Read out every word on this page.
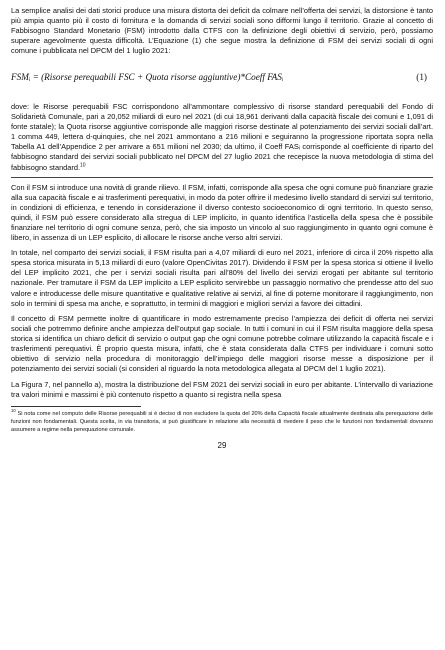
La semplice analisi dei dati storici produce una misura distorta dei deficit da colmare nell’offerta dei servizi, la distorsione è tanto più ampia quanto più il costo di fornitura e la domanda di servizi sociali sono difformi lungo il territorio. Grazie al concetto di Fabbisogno Standard Monetario (FSM) introdotto dalla CTFS con la definizione degli obiettivi di servizio, però, possiamo superare agevolmente questa difficoltà. L’Equazione (1) che segue mostra la definizione di FSM dei servizi sociali di ogni comune i pubblicata nel DPCM del 1 luglio 2021:

FSMᵢ = (Risorse perequabili FSC + Quota risorse aggiuntive)*Coeff FASᵢ	(1)

dove: le Risorse perequabili FSC corrispondono all’ammontare complessivo di risorse standard perequabili del Fondo di Solidarietà Comunale, pari a 20,052 miliardi di euro nel 2021 (di cui 18,961 derivanti dalla capacità fiscale dei comuni e 1,091 di fonte statale); la Quota risorse aggiuntive corrisponde alle maggiori risorse destinate al potenziamento dei servizi sociali dall’art. 1 comma 449, lettera d-quinquies, che nel 2021 ammontano a 216 milioni e seguiranno la progressione riportata sopra nella Tabella A1 dell’Appendice 2 per arrivare a 651 milioni nel 2030; da ultimo, il Coeff FASᵢ corrisponde al coefficiente di riparto del fabbisogno standard dei servizi sociali pubblicato nel DPCM del 27 luglio 2021 che recepisce la nuova metodologia di stima del fabbisogno standard.$^{10}$

Con il FSM si introduce una novità di grande rilievo. Il FSM, infatti, corrisponde alla spesa che ogni comune può finanziare grazie alla sua capacità fiscale e ai trasferimenti perequativi, in modo da poter offrire il medesimo livello standard di servizi sul territorio, in condizioni di efficienza, e tenendo in considerazione il diverso contesto socioeconomico di ogni territorio. In questo senso, quindi, il FSM può essere considerato alla stregua di LEP implicito, in quanto identifica l’asticella della spesa che è possibile finanziare nel territorio di ogni comune senza, però, che sia imposto un vincolo al suo raggiungimento in quanto ogni comune è libero, in assenza di un LEP esplicito, di allocare le risorse anche verso altri servizi.

In totale, nel comparto dei servizi sociali, il FSM risulta pari a 4,07 miliardi di euro nel 2021, inferiore di circa il 20% rispetto alla spesa storica misurata in 5,13 miliardi di euro (valore OpenCivitas 2017). Dividendo il FSM per la spesa storica si ottiene il livello del LEP implicito 2021, che per i servizi sociali risulta pari all’80% del livello dei servizi erogati per abitante sul territorio nazionale. Per tramutare il FSM da LEP implicito a LEP esplicito servirebbe un passaggio normativo che prendesse atto del suo valore e introducesse delle misure quantitative e qualitative relative ai servizi, al fine di poterne monitorare il raggiungimento, non solo in termini di spesa ma anche, e soprattutto, in termini di maggiori e migliori servizi a favore dei cittadini.

Il concetto di FSM permette inoltre di quantificare in modo estremamente preciso l’ampiezza dei deficit di offerta nei servizi sociali che potremmo definire anche ampiezza dell’output gap sociale. In tutti i comuni in cui il FSM risulta maggiore della spesa storica si identifica un chiaro deficit di servizio o output gap che ogni comune potrebbe colmare utilizzando la capacità fiscale e i trasferimenti perequativi. È proprio questa misura, infatti, che è stata considerata dalla CTFS per individuare i comuni sotto obiettivo di servizio nella procedura di monitoraggio dell’impiego delle maggiori risorse messe a disposizione per il potenziamento dei servizi sociali (si consideri al riguardo la nota metodologica allegata al DPCM del 1 luglio 2021).

La Figura 7, nel pannello a), mostra la distribuzione del FSM 2021 dei servizi sociali in euro per abitante. L’intervallo di variazione tra valori minimi e massimi è più contenuto rispetto a quanto si registra nella spesa

$^{10}$ Si nota come nel computo delle Risorse perequabili si è deciso di non escludere la quota del 20% della Capacità fiscale attualmente destinata alla perequazione delle funzioni non fondamentali. Questa scelta, in via transitoria, si può giustificare in relazione alla necessità di rivedere il peso che le funzioni non fondamentali dovranno assumere a regime nella perequazione comunale.

29
